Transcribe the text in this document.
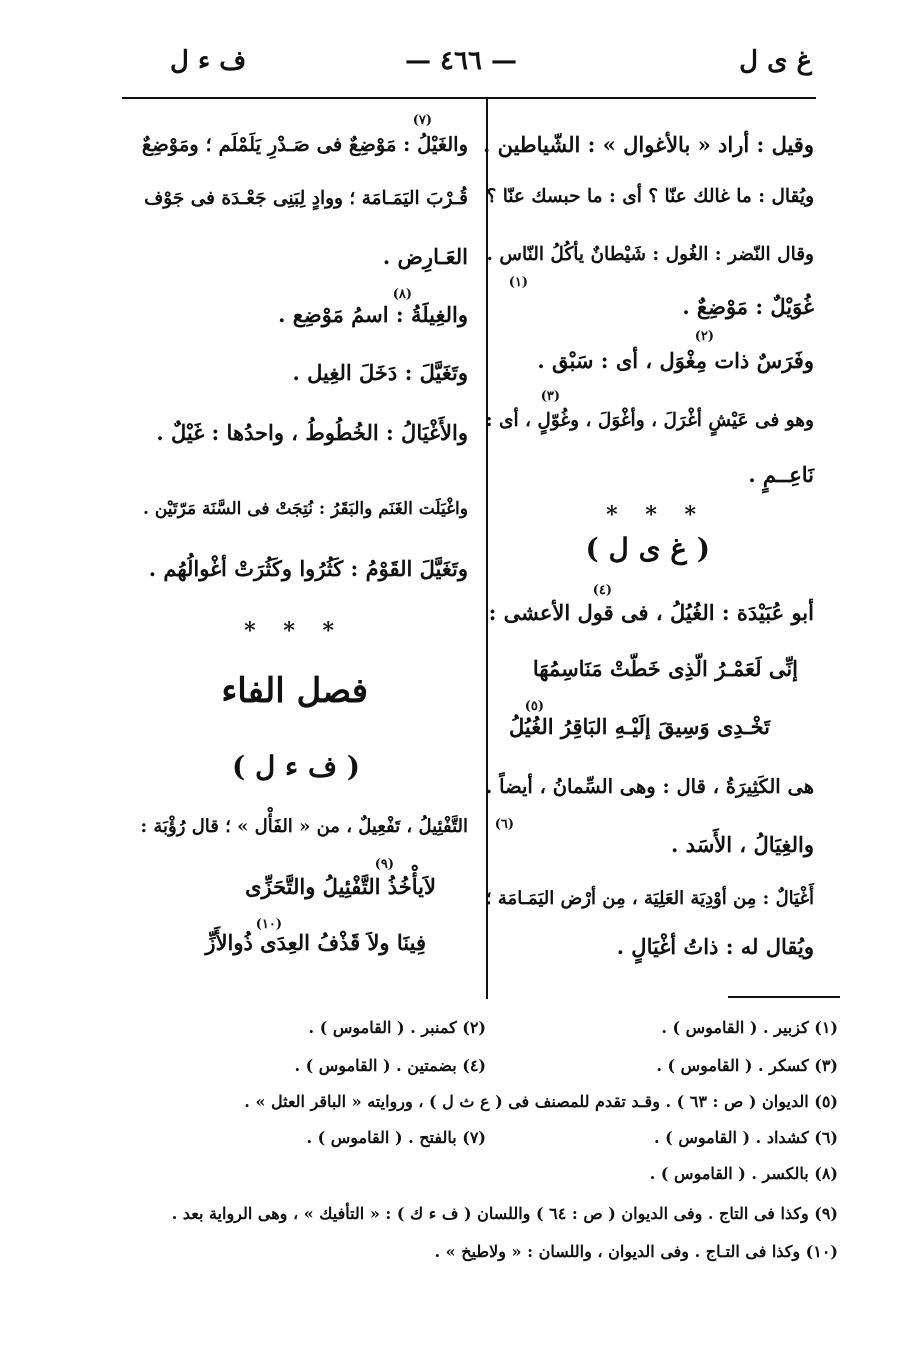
غ ى ل
— ٤٦٦ —
ف ء ل
وقيل : أراد « بالأغوال » : الشّياطين .
ويُقال : ما غالك عنّا ؟ أى : ما حبسك عنّا ؟
وقال النّضر : الغُول : شَيْطانٌ يأكُلُ النّاس .
(١)
غُوَيْلٌ : مَوْضِعٌ .
(٢)
وفَرَسٌ ذات مِغْوَل ، أى : سَبْق .
(٣)
وهو فى عَيْشٍ أغْرَلَ ، وأغْوَلَ ، وغُوّلٍ ، أى :
نَاعِــمٍ .
* * *
( غ ى ل )
(٤)
أبو عُبَيْدَة : الغُيُلُ ، فى قول الأعشى :
إنِّى لَعَمْـرُ الّذِى خَطّتْ مَنَاسِمُهَا
(٥)
تَخْـدِى وَسِيقَ إلَيْـهِ البَاقِرُ الغُيُلُ
هى الكَثِيرَةُ ، قال : وهى السِّمانُ ، أيضاً .
(٦)
والغِيَالُ ، الأَسَد .
أَغْيَالٌ : مِن أوْدِيَة العَلِيَة ، مِن أرْض اليَمَـامَة ؛
ويُقال له : ذاتُ أغْيَالٍ .
(٧)
والغَيْلُ : مَوْضِعٌ فى صَـدْرِ يَلَمْلَم ؛ ومَوْضِعٌ
قُـرْبَ اليَمَـامَة ؛ ووادٍ لِبَنِى جَعْـدَة فى جَوْف
العَـارِض .
(٨)
والغِيلَةُ : اسمُ مَوْضِع .
وتَغَيَّلَ : دَخَلَ الغِيل .
والأَغْيَالُ : الخُطُوطُ ، واحدُها : غَيْلٌ .
واغْيَلَت الغَنَم والبَقَرُ : نُتِجَتْ فى السَّنَة مَرّتَيْن .
وتَغَيَّلَ القَوْمُ : كَثُرُوا وكَثُرَتْ أغْوالُهُم .
* * *
فصل الفاء
( ف ء ل )
التَّفْئِيلُ ، تَفْعِيلٌ ، من « الفَأْل » ؛ قال رُؤْبَة :
(٩)
لاَيأْخُذُ التَّفْئِيلُ والتَّحَزِّى
(١٠)
فِينَا ولاَ قَذْفُ العِدَى ذُوالأَزِّ
(١) كزبير . ( القاموس ) .
(٢) كمنبر . ( القاموس ) .
(٣) كسكر . ( القاموس ) .
(٤) بضمتين . ( القاموس ) .
(٥) الديوان ( ص : ٦٣ ) . وقـد تقدم للمصنف فى ( ع ث ل ) ، وروايته « الباقر العثل » .
(٦) كشداد . ( القاموس ) .
(٧) بالفتح . ( القاموس ) .
(٨) بالكسر . ( القاموس ) .
(٩) وكذا فى التاج . وفى الديوان ( ص : ٦٤ ) واللسان ( ف ء ك ) : « التأفيك » ، وهى الرواية بعد .
(١٠) وكذا فى التـاج . وفى الديوان ، واللسان : « ولاطيخ » .
